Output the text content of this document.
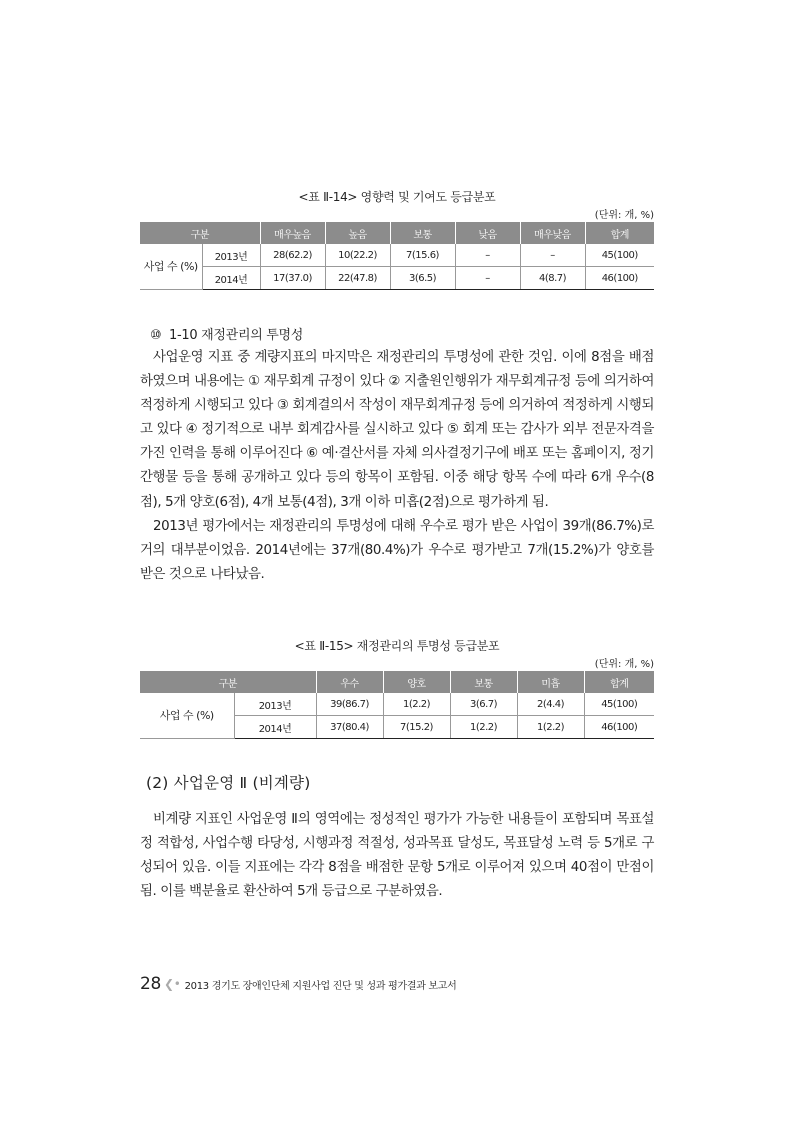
<표 Ⅱ-14> 영향력 및 기여도 등급분포
(단위: 개, %)
구분		매우높음	높음	보통	낮음	매우낮음	합계
사업 수 (%)	2013년	28(62.2)	10(22.2)	7(15.6)	–	–	45(100)
	2014년	17(37.0)	22(47.8)	3(6.5)	–	4(8.7)	46(100)
⑩ 1-10 재정관리의 투명성

사업운영 지표 중 계량지표의 마지막은 재정관리의 투명성에 관한 것임. 이에 8점을 배점하였으며 내용에는 ① 재무회계 규정이 있다 ② 지출원인행위가 재무회계규정 등에 의거하여 적정하게 시행되고 있다 ③ 회계결의서 작성이 재무회계규정 등에 의거하여 적정하게 시행되고 있다 ④ 정기적으로 내부 회계감사를 실시하고 있다 ⑤ 회계 또는 감사가 외부 전문자격을 가진 인력을 통해 이루어진다 ⑥ 예·결산서를 자체 의사결정기구에 배포 또는 홈페이지, 정기간행물 등을 통해 공개하고 있다 등의 항목이 포함됨. 이중 해당 항목 수에 따라 6개 우수(8점), 5개 양호(6점), 4개 보통(4점), 3개 이하 미흡(2점)으로 평가하게 됨.

2013년 평가에서는 재정관리의 투명성에 대해 우수로 평가 받은 사업이 39개(86.7%)로 거의 대부분이었음. 2014년에는 37개(80.4%)가 우수로 평가받고 7개(15.2%)가 양호를 받은 것으로 나타났음.

<표 Ⅱ-15> 재정관리의 투명성 등급분포
(단위: 개, %)
구분		우수	양호	보통	미흡	합계
사업 수 (%)	2013년	39(86.7)	1(2.2)	3(6.7)	2(4.4)	45(100)
	2014년	37(80.4)	7(15.2)	1(2.2)	1(2.2)	46(100)
(2) 사업운영 Ⅱ (비계량)

비계량 지표인 사업운영 Ⅱ의 영역에는 정성적인 평가가 가능한 내용들이 포함되며 목표설정 적합성, 사업수행 타당성, 시행과정 적절성, 성과목표 달성도, 목표달성 노력 등 5개로 구성되어 있음. 이들 지표에는 각각 8점을 배점한 문항 5개로 이루어져 있으며 40점이 만점이 됨. 이를 백분율로 환산하여 5개 등급으로 구분하였음.

28 ❮• 2013 경기도 장애인단체 지원사업 진단 및 성과 평가결과 보고서
